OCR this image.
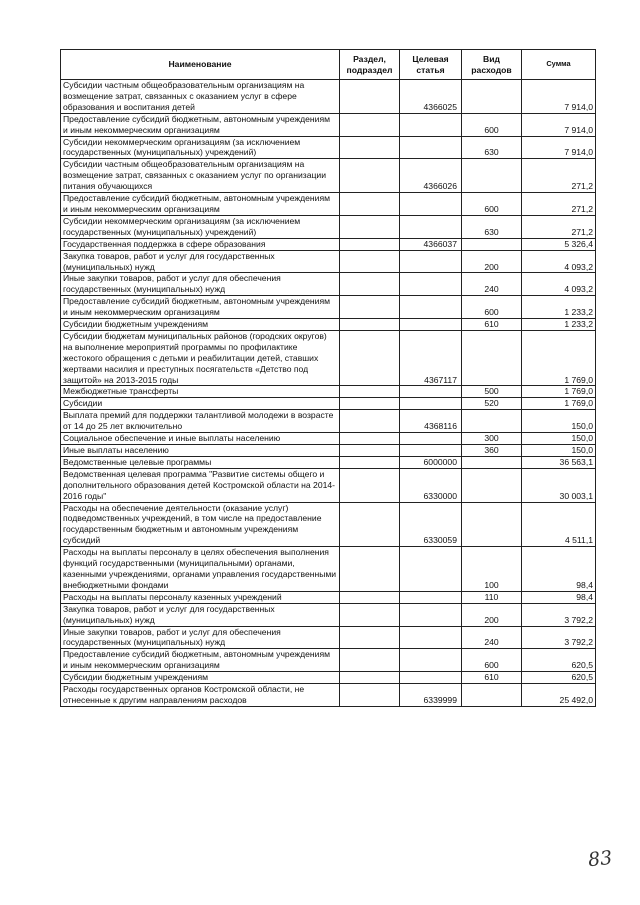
Наименование	Раздел, подраздел	Целевая статья	Вид расходов	Сумма
Субсидии частным общеобразовательным организациям на возмещение затрат, связанных с оказанием услуг в сфере образования и воспитания детей		4366025		7 914,0
Предоставление субсидий бюджетным, автономным учреждениям и иным некоммерческим организациям			600	7 914,0
Субсидии некоммерческим организациям (за исключением государственных (муниципальных) учреждений)			630	7 914,0
Субсидии частным общеобразовательным организациям на возмещение затрат, связанных с оказанием услуг по организации питания обучающихся		4366026		271,2
Предоставление субсидий бюджетным, автономным учреждениям и иным некоммерческим организациям			600	271,2
Субсидии некоммерческим организациям (за исключением государственных (муниципальных) учреждений)			630	271,2
Государственная поддержка в сфере образования		4366037		5 326,4
Закупка товаров, работ и услуг для государственных (муниципальных) нужд			200	4 093,2
Иные закупки товаров, работ и услуг для обеспечения государственных (муниципальных) нужд			240	4 093,2
Предоставление субсидий бюджетным, автономным учреждениям и иным некоммерческим организациям			600	1 233,2
Субсидии бюджетным учреждениям			610	1 233,2
Субсидии бюджетам муниципальных районов (городских округов) на выполнение мероприятий программы по профилактике жестокого обращения с детьми и реабилитации детей, ставших жертвами насилия и преступных посягательств «Детство под защитой» на 2013-2015 годы		4367117		1 769,0
Межбюджетные трансферты			500	1 769,0
Субсидии			520	1 769,0
Выплата премий для поддержки талантливой молодежи в возрасте от 14 до 25 лет включительно		4368116		150,0
Социальное обеспечение и иные выплаты населению			300	150,0
Иные выплаты населению			360	150,0
Ведомственные целевые программы		6000000		36 563,1
Ведомственная целевая программа "Развитие системы общего и дополнительного образования детей Костромской области на 2014-2016 годы"		6330000		30 003,1
Расходы на обеспечение деятельности (оказание услуг) подведомственных учреждений, в том числе на предоставление государственным бюджетным и автономным учреждениям субсидий		6330059		4 511,1
Расходы на выплаты персоналу в целях обеспечения выполнения функций государственными (муниципальными) органами, казенными учреждениями, органами управления государственными внебюджетными фондами			100	98,4
Расходы на выплаты персоналу казенных учреждений			110	98,4
Закупка товаров, работ и услуг для государственных (муниципальных) нужд			200	3 792,2
Иные закупки товаров, работ и услуг для обеспечения государственных (муниципальных) нужд			240	3 792,2
Предоставление субсидий бюджетным, автономным учреждениям и иным некоммерческим организациям			600	620,5
Субсидии бюджетным учреждениям			610	620,5
Расходы государственных органов Костромской области, не отнесенные к другим направлениям расходов		6339999		25 492,0
83
